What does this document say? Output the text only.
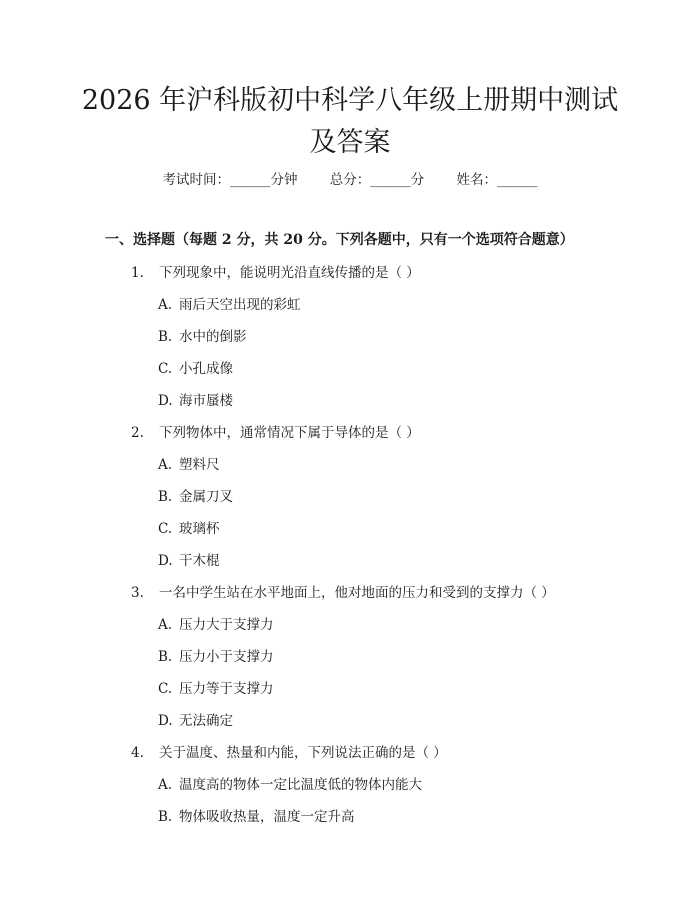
2026 年沪科版初中科学八年级上册期中测试
及答案
考试时间：______分钟 总分：______分 姓名：______
一、选择题（每题 2 分，共 20 分。下列各题中，只有一个选项符合题意）
1. 下列现象中，能说明光沿直线传播的是（ ）
A. 雨后天空出现的彩虹
B. 水中的倒影
C. 小孔成像
D. 海市蜃楼
2. 下列物体中，通常情况下属于导体的是（ ）
A. 塑料尺
B. 金属刀叉
C. 玻璃杯
D. 干木棍
3. 一名中学生站在水平地面上，他对地面的压力和受到的支撑力（ ）
A. 压力大于支撑力
B. 压力小于支撑力
C. 压力等于支撑力
D. 无法确定
4. 关于温度、热量和内能，下列说法正确的是（ ）
A. 温度高的物体一定比温度低的物体内能大
B. 物体吸收热量，温度一定升高
